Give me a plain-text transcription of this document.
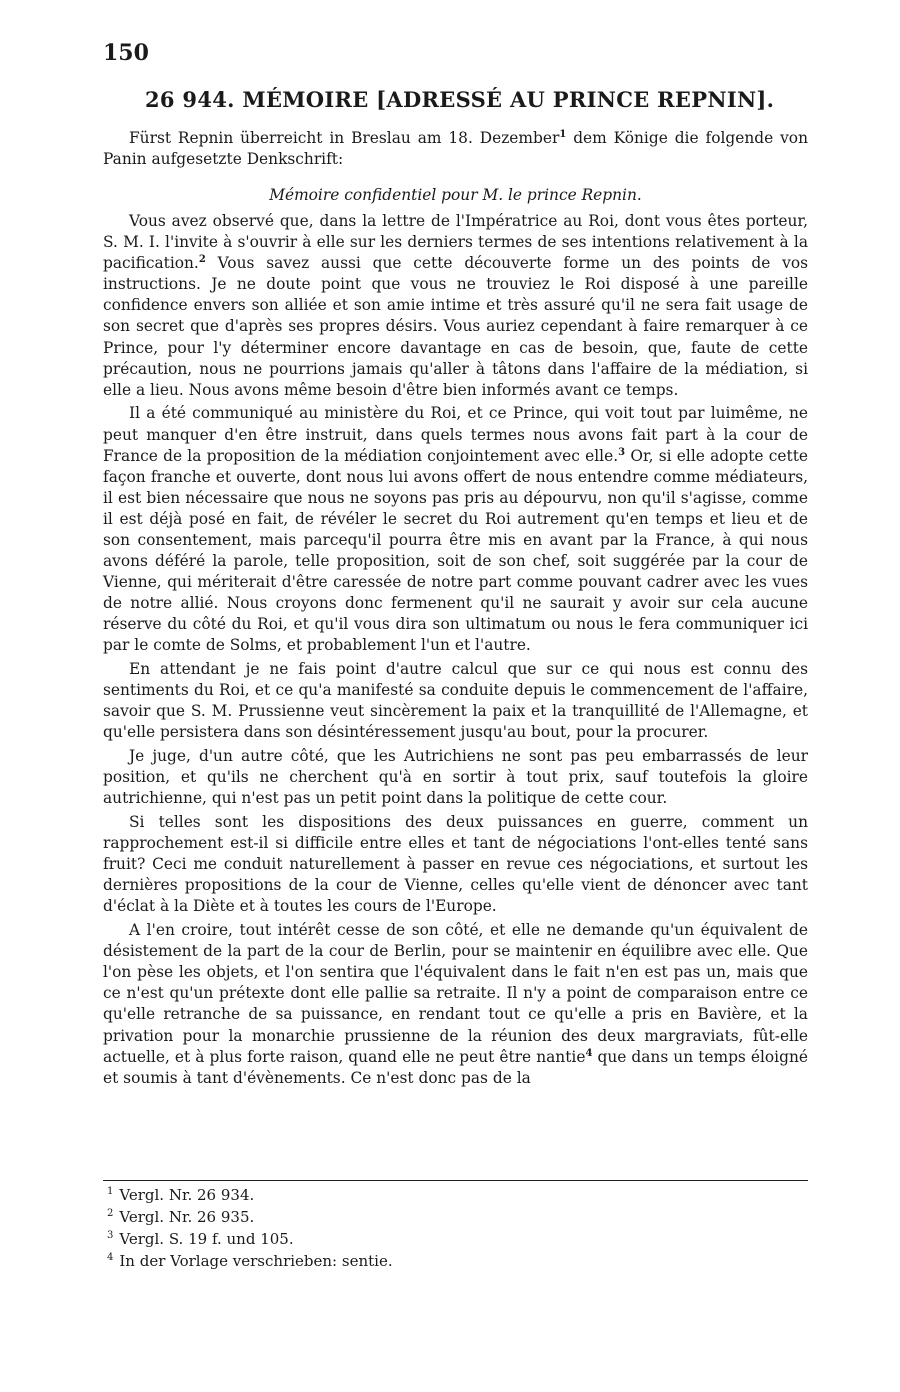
150
26 944. MÉMOIRE [ADRESSÉ AU PRINCE REPNIN].

Fürst Repnin überreicht in Breslau am 18. Dezember$^1$ dem Könige die folgende von Panin aufgesetzte Denkschrift:

Mémoire confidentiel pour M. le prince Repnin.

Vous avez observé que, dans la lettre de l'Impératrice au Roi, dont vous êtes porteur, S. M. I. l'invite à s'ouvrir à elle sur les derniers termes de ses intentions relativement à la pacification.$^2$ Vous savez aussi que cette découverte forme un des points de vos instructions. Je ne doute point que vous ne trouviez le Roi disposé à une pareille confidence envers son alliée et son amie intime et très assuré qu'il ne sera fait usage de son secret que d'après ses propres désirs. Vous auriez cependant à faire remarquer à ce Prince, pour l'y déterminer encore davantage en cas de besoin, que, faute de cette précaution, nous ne pourrions jamais qu'aller à tâtons dans l'affaire de la médiation, si elle a lieu. Nous avons même besoin d'être bien informés avant ce temps.

Il a été communiqué au ministère du Roi, et ce Prince, qui voit tout par luimême, ne peut manquer d'en être instruit, dans quels termes nous avons fait part à la cour de France de la proposition de la médiation conjointement avec elle.$^3$ Or, si elle adopte cette façon franche et ouverte, dont nous lui avons offert de nous entendre comme médiateurs, il est bien nécessaire que nous ne soyons pas pris au dépourvu, non qu'il s'agisse, comme il est déjà posé en fait, de révéler le secret du Roi autrement qu'en temps et lieu et de son consentement, mais parcequ'il pourra être mis en avant par la France, à qui nous avons déféré la parole, telle proposition, soit de son chef, soit suggérée par la cour de Vienne, qui mériterait d'être caressée de notre part comme pouvant cadrer avec les vues de notre allié. Nous croyons donc fermenent qu'il ne saurait y avoir sur cela aucune réserve du côté du Roi, et qu'il vous dira son ultimatum ou nous le fera communiquer ici par le comte de Solms, et probablement l'un et l'autre.

En attendant je ne fais point d'autre calcul que sur ce qui nous est connu des sentiments du Roi, et ce qu'a manifesté sa conduite depuis le commencement de l'affaire, savoir que S. M. Prussienne veut sincèrement la paix et la tranquillité de l'Allemagne, et qu'elle persistera dans son désintéressement jusqu'au bout, pour la procurer.

Je juge, d'un autre côté, que les Autrichiens ne sont pas peu embarrassés de leur position, et qu'ils ne cherchent qu'à en sortir à tout prix, sauf toutefois la gloire autrichienne, qui n'est pas un petit point dans la politique de cette cour.

Si telles sont les dispositions des deux puissances en guerre, comment un rapprochement est-il si difficile entre elles et tant de négociations l'ont-elles tenté sans fruit? Ceci me conduit naturellement à passer en revue ces négociations, et surtout les dernières propositions de la cour de Vienne, celles qu'elle vient de dénoncer avec tant d'éclat à la Diète et à toutes les cours de l'Europe.

A l'en croire, tout intérêt cesse de son côté, et elle ne demande qu'un équivalent de désistement de la part de la cour de Berlin, pour se maintenir en équilibre avec elle. Que l'on pèse les objets, et l'on sentira que l'équivalent dans le fait n'en est pas un, mais que ce n'est qu'un prétexte dont elle pallie sa retraite. Il n'y a point de comparaison entre ce qu'elle retranche de sa puissance, en rendant tout ce qu'elle a pris en Bavière, et la privation pour la monarchie prussienne de la réunion des deux margraviats, fût-elle actuelle, et à plus forte raison, quand elle ne peut être nantie$^4$ que dans un temps éloigné et soumis à tant d'évènements. Ce n'est donc pas de la

$^1$ Vergl. Nr. 26 934.

$^2$ Vergl. Nr. 26 935.

$^3$ Vergl. S. 19 f. und 105.

$^4$ In der Vorlage verschrieben: sentie.
